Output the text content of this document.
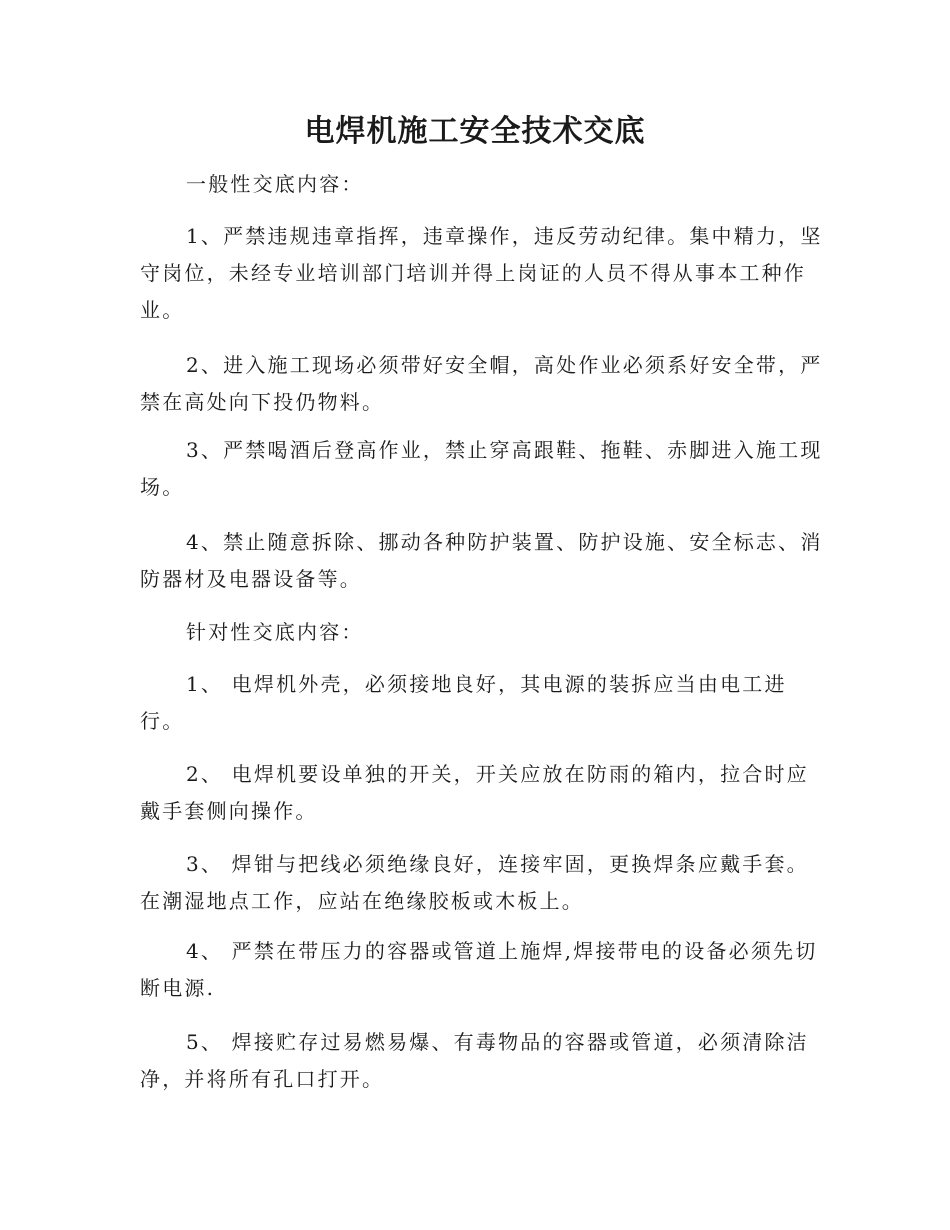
电焊机施工安全技术交底

一般性交底内容：

1、严禁违规违章指挥，违章操作，违反劳动纪律。集中精力，坚
守岗位，未经专业培训部门培训并得上岗证的人员不得从事本工种作
业。

2、进入施工现场必须带好安全帽，高处作业必须系好安全带，严
禁在高处向下投仍物料。

3、严禁喝酒后登高作业，禁止穿高跟鞋、拖鞋、赤脚进入施工现
场。

4、禁止随意拆除、挪动各种防护装置、防护设施、安全标志、消
防器材及电器设备等。

针对性交底内容：

1、 电焊机外壳，必须接地良好，其电源的装拆应当由电工进
行。

2、 电焊机要设单独的开关，开关应放在防雨的箱内，拉合时应
戴手套侧向操作。

3、 焊钳与把线必须绝缘良好，连接牢固，更换焊条应戴手套。
在潮湿地点工作，应站在绝缘胶板或木板上。

4、 严禁在带压力的容器或管道上施焊,焊接带电的设备必须先切
断电源.

5、 焊接贮存过易燃易爆、有毒物品的容器或管道，必须清除洁
净，并将所有孔口打开。
